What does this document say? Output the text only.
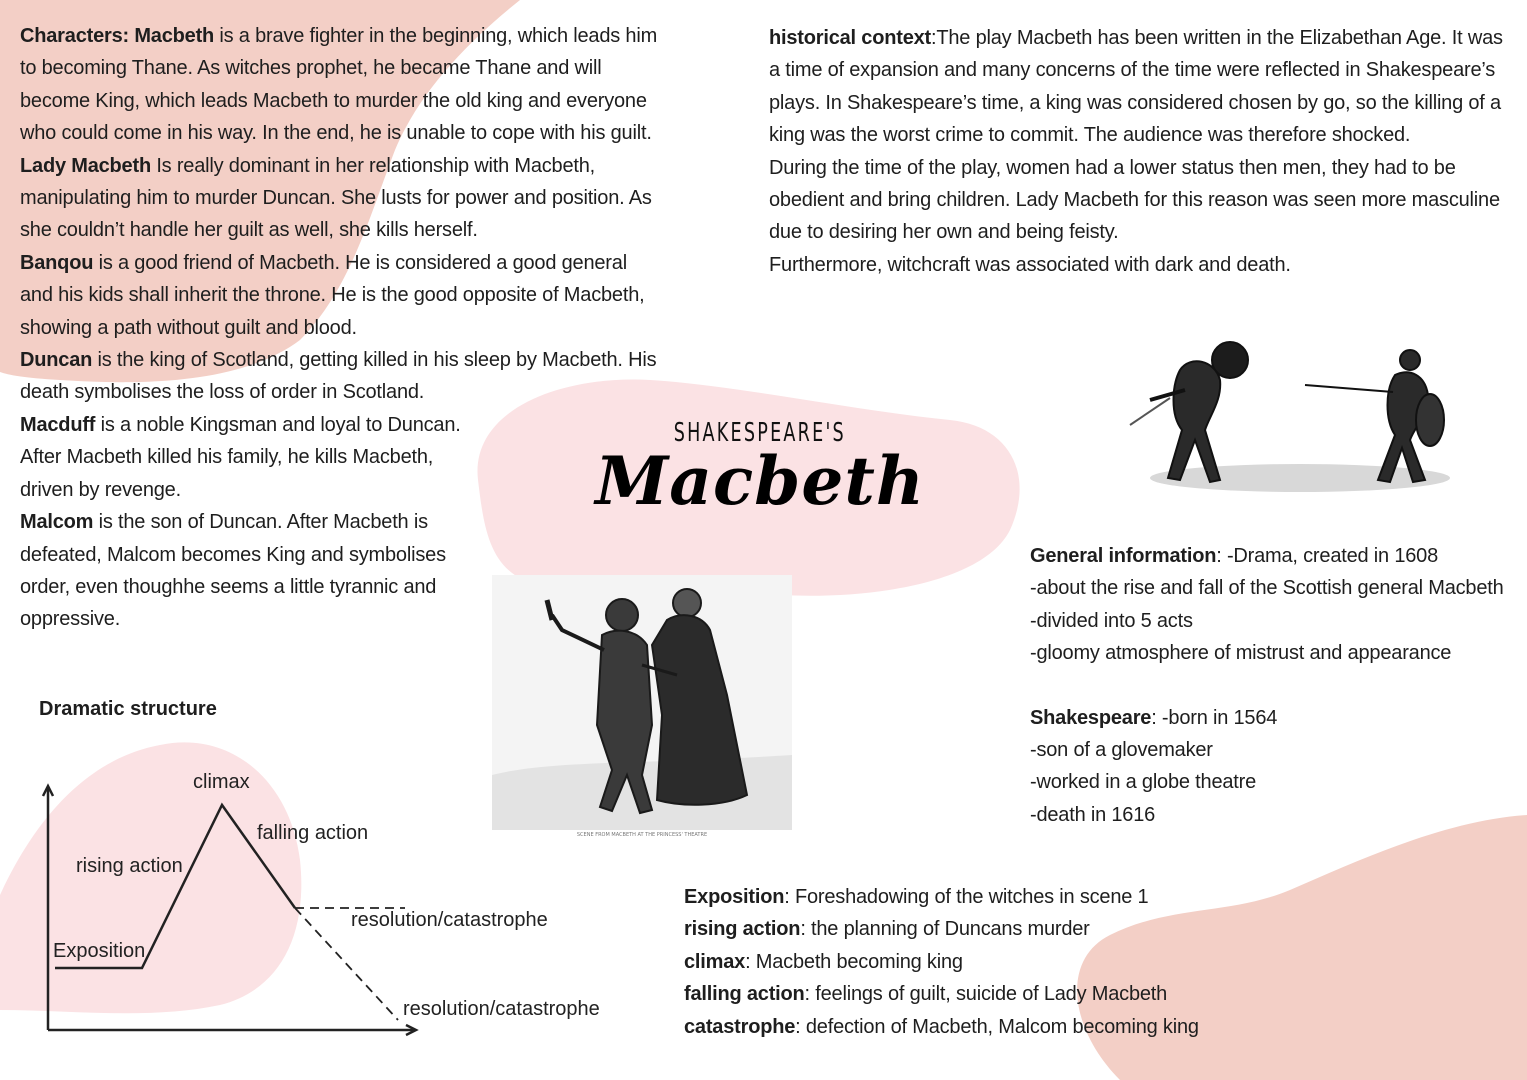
Characters: Macbeth is a brave fighter in the beginning, which leads him to becoming Thane. As witches prophet, he became Thane and will become King, which leads Macbeth to murder the old king and everyone who could come in his way. In the end, he is unable to cope with his guilt.

Lady Macbeth Is really dominant in her relationship with Macbeth, manipulating him to murder Duncan. She lusts for power and position. As she couldn’t handle her guilt as well, she kills herself.

Banqou is a good friend of Macbeth. He is considered a good general and his kids shall inherit the throne. He is the good opposite of Macbeth, showing a path without guilt and blood.

Duncan is the king of Scotland, getting killed in his sleep by Macbeth. His death symbolises the loss of order in Scotland.

Macduff is a noble Kingsman and loyal to Duncan. After Macbeth killed his family, he kills Macbeth, driven by revenge.

Malcom is the son of Duncan. After Macbeth is defeated, Malcom becomes King and symbolises order, even thoughhe seems a little tyrannic and oppressive.

historical context:The play Macbeth has been written in the Elizabethan Age. It was a time of expansion and many concerns of the time were reflected in Shakespeare’s plays. In Shakespeare’s time, a king was considered chosen by go, so the killing of a king was the worst crime to commit. The audience was therefore shocked.

During the time of the play, women had a lower status then men, they had to be obedient and bring children. Lady Macbeth for this reason was seen more masculine due to desiring her own and being feisty.

Furthermore, witchcraft was associated with dark and death.

SHAKESPEARE'S
Macbeth
SCENE FROM MACBETH AT THE PRINCESS' THEATRE

General information: -Drama, created in 1608

-about the rise and fall of the Scottish general Macbeth

-divided into 5 acts

-gloomy atmosphere of mistrust and appearance

Shakespeare: -born in 1564

-son of a glovemaker

-worked in a globe theatre

-death in 1616

Dramatic structure
Exposition
rising action
climax
falling action
resolution/catastrophe
resolution/catastrophe

Exposition: Foreshadowing of the witches in scene 1

rising action: the planning of Duncans murder

climax: Macbeth becoming king

falling action: feelings of guilt, suicide of Lady Macbeth

catastrophe: defection of Macbeth, Malcom becoming king
